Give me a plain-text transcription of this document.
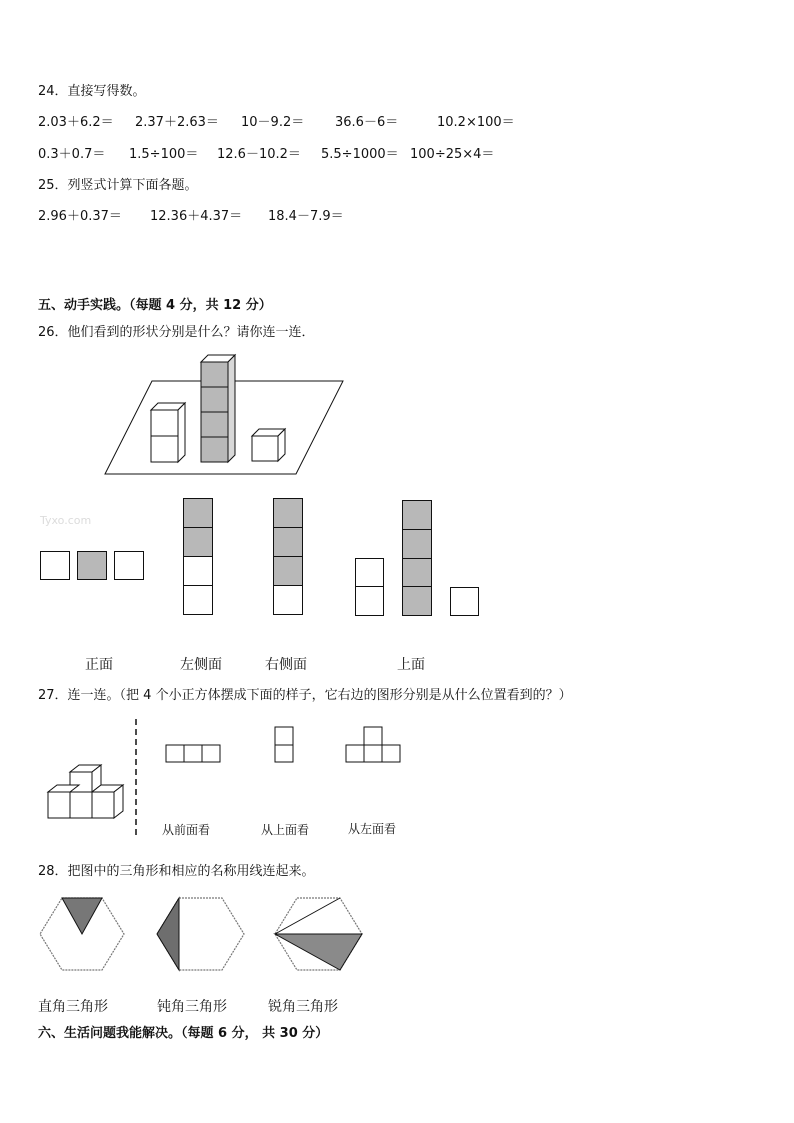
24．直接写得数。
2.03＋6.2＝ 2.37＋2.63＝ 10－9.2＝ 36.6－6＝	10.2×100＝
0.3＋0.7＝ 1.5÷100＝ 12.6－10.2＝ 5.5÷1000＝ 100÷25×4＝
25．列竖式计算下面各题。
2.96＋0.37＝ 12.36＋4.37＝ 18.4－7.9＝
五、动手实践。（每题 4 分，共 12 分）
26．他们看到的形状分别是什么？请你连一连．
Tyxo.com
正面	左侧面	右侧面	上面
27．连一连。（把 4 个小正方体摆成下面的样子，它右边的图形分别是从什么位置看到的？）
从前面看	从上面看	从左面看
28．把图中的三角形和相应的名称用线连起来。
直角三角形	钝角三角形	锐角三角形
六、生活问题我能解决。（每题 6 分， 共 30 分）
